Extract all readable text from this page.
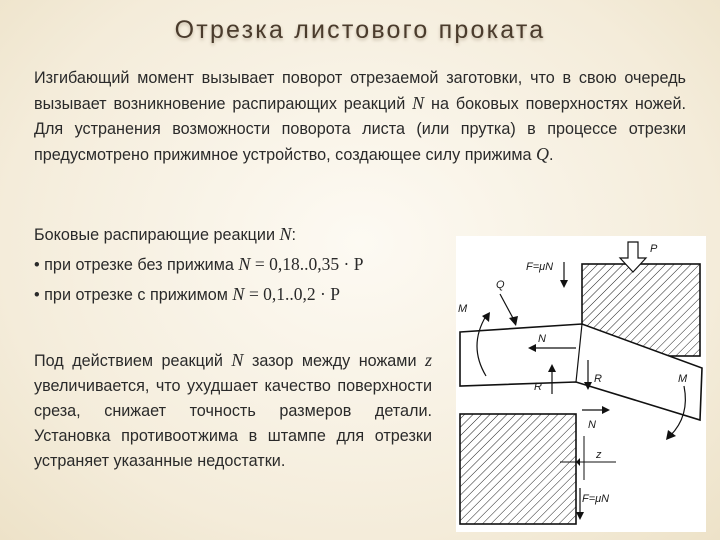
Отрезка листового проката

Изгибающий момент вызывает поворот отрезаемой заготовки, что в свою очередь вызывает возникновение распирающих реакций N на боковых поверхностях ножей. Для устранения возможности поворота листа (или прутка) в процессе отрезки предусмотрено прижимное устройство, создающее силу прижима Q.

Боковые распирающие реакции N:

• при отрезке без прижима N = 0,18..0,35 · P
• при отрезке с прижимом N = 0,1..0,2 · P

Под действием реакций N зазор между ножами z увеличивается, что ухудшает качество поверхности среза, снижает точность размеров детали. Установка противоотжима в штампе для отрезки устраняет указанные недостатки.

F=μN
P
Q
M
N
R
R	M
N
z
F=μN
